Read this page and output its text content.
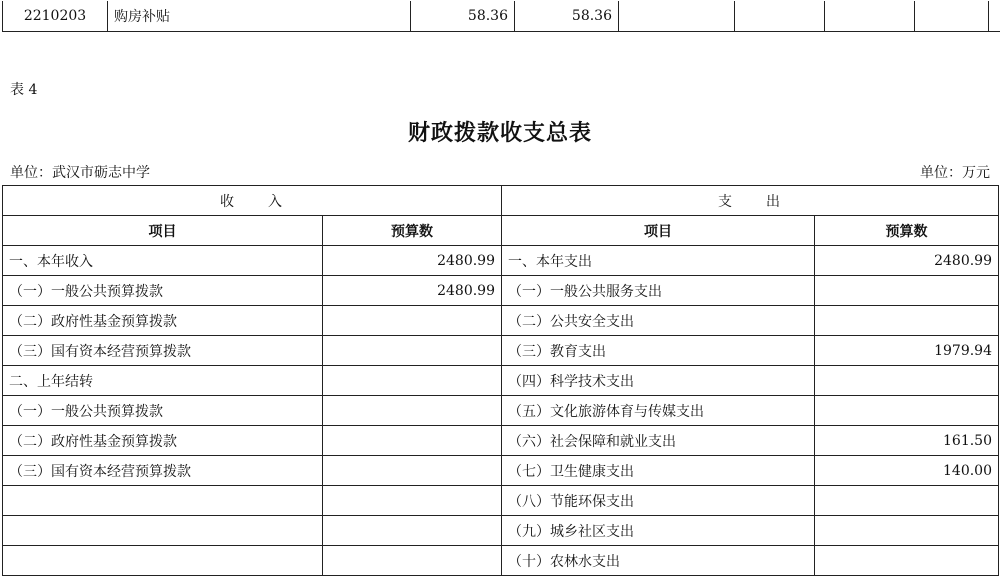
2210203	购房补贴	58.36	58.36					
表 4
财政拨款收支总表
单位：武汉市砺志中学	单位：万元
收　　入		支　　出	
项目	预算数	项目	预算数
一、本年收入	2480.99	一、本年支出	2480.99
（一）一般公共预算拨款	2480.99	（一）一般公共服务支出	
（二）政府性基金预算拨款		（二）公共安全支出	
（三）国有资本经营预算拨款		（三）教育支出	1979.94
二、上年结转		（四）科学技术支出	
（一）一般公共预算拨款		（五）文化旅游体育与传媒支出	
（二）政府性基金预算拨款		（六）社会保障和就业支出	161.50
（三）国有资本经营预算拨款		（七）卫生健康支出	140.00
		（八）节能环保支出	
		（九）城乡社区支出	
		（十）农林水支出	
